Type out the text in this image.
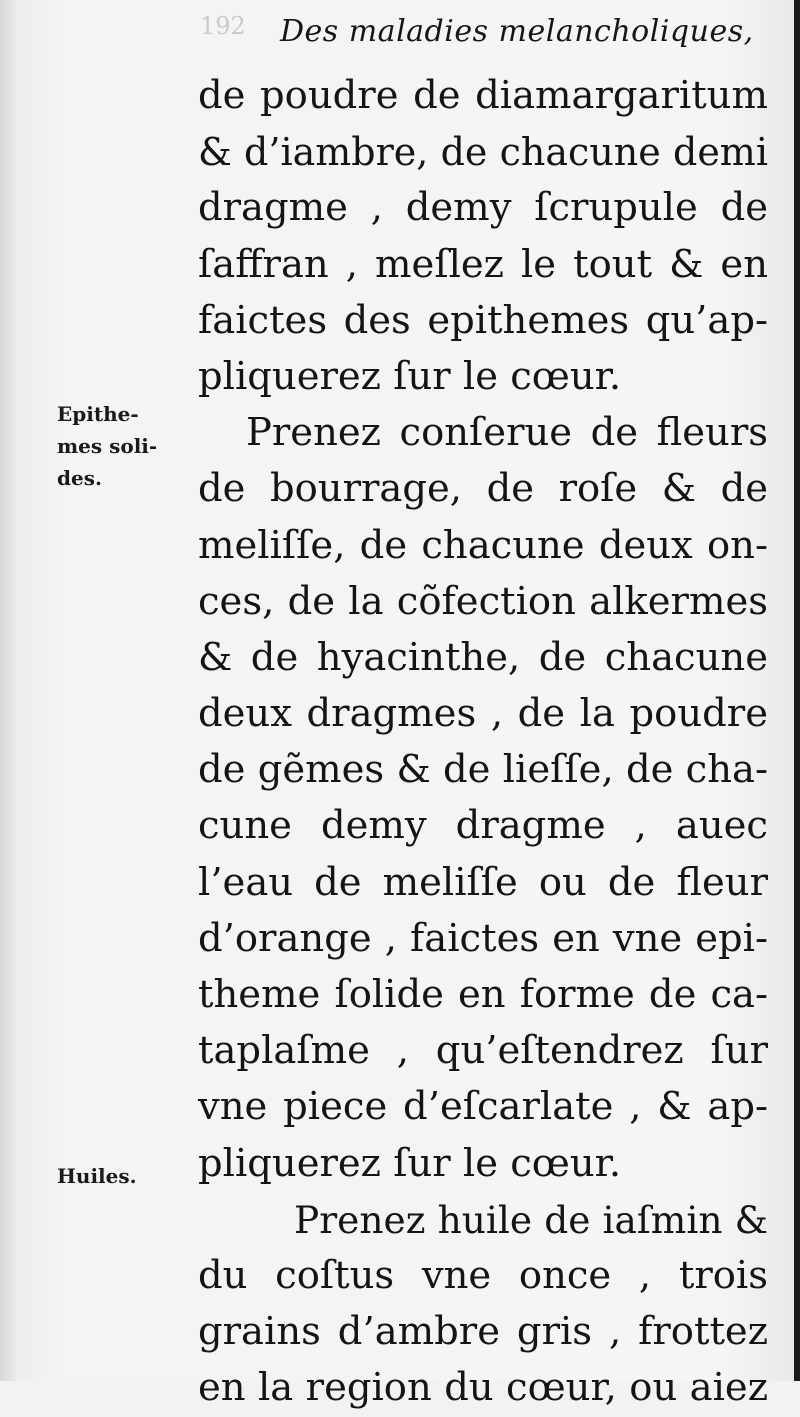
192 Des maladies melancholiques,
Epithe-
mes soli-
des.
Huiles.
de poudre de diamargaritum
& d’iambre, de chacune demi
dragme , demy ſcrupule de
ſaffran , meſlez le tout & en
faictes des epithemes qu’ap-
pliquerez ſur le cœur.
Prenez conſerue de fleurs
de bourrage, de roſe & de
meliſſe, de chacune deux on-
ces, de la cõfection alkermes
& de hyacinthe, de chacune
deux dragmes , de la poudre
de gẽmes & de lieſſe, de cha-
cune demy dragme , auec
l’eau de meliſſe ou de fleur
d’orange , faictes en vne epi-
theme ſolide en forme de ca-
taplaſme , qu’eſtendrez ſur
vne piece d’eſcarlate , & ap-
pliquerez ſur le cœur.
Prenez huile de iaſmin &
du coſtus vne once , trois
grains d’ambre gris , frottez
en la region du cœur, ou aiez
